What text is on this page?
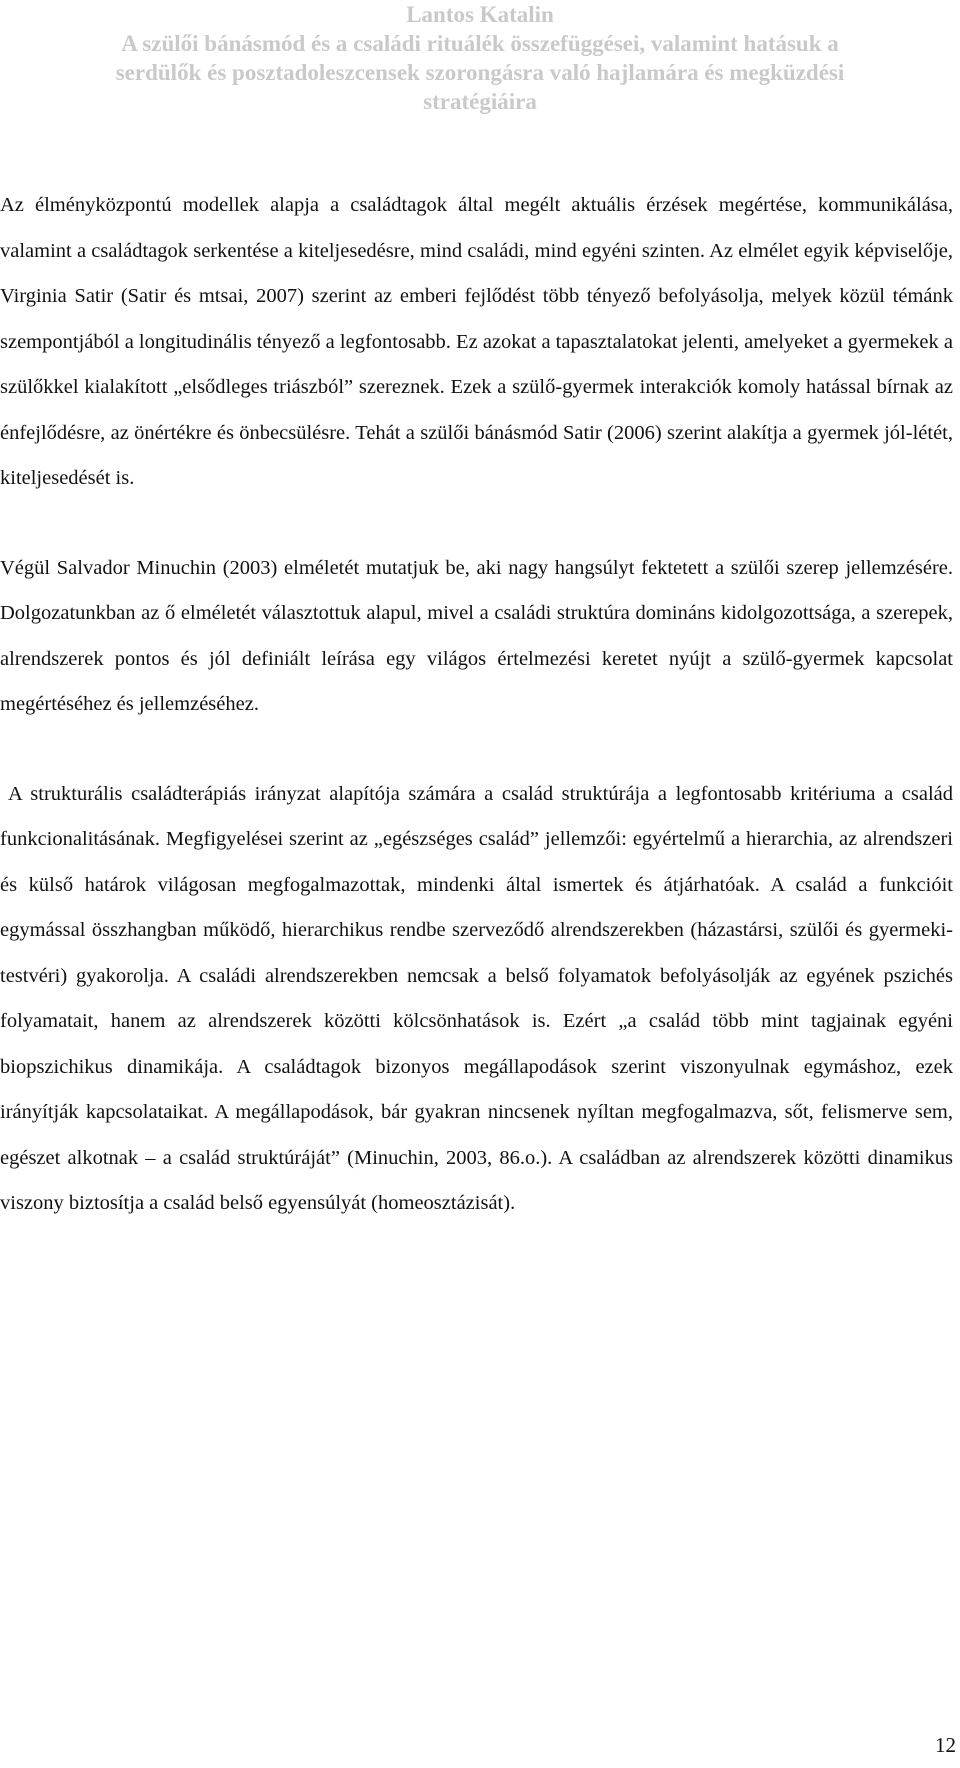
Lantos Katalin
A szülői bánásmód és a családi rituálék összefüggései, valamint hatásuk a
serdülők és posztadoleszcensek szorongásra való hajlamára és megküzdési
stratégiáira

Az élményközpontú modellek alapja a családtagok által megélt aktuális érzések megértése, kommunikálása, valamint a családtagok serkentése a kiteljesedésre, mind családi, mind egyéni szinten. Az elmélet egyik képviselője, Virginia Satir (Satir és mtsai, 2007) szerint az emberi fejlődést több tényező befolyásolja, melyek közül témánk szempontjából a longitudinális tényező a legfontosabb. Ez azokat a tapasztalatokat jelenti, amelyeket a gyermekek a szülőkkel kialakított „elsődleges triászból” szereznek. Ezek a szülő-gyermek interakciók komoly hatással bírnak az énfejlődésre, az önértékre és önbecsülésre. Tehát a szülői bánásmód Satir (2006) szerint alakítja a gyermek jól-létét, kiteljesedését is.

Végül Salvador Minuchin (2003) elméletét mutatjuk be, aki nagy hangsúlyt fektetett a szülői szerep jellemzésére. Dolgozatunkban az ő elméletét választottuk alapul, mivel a családi struktúra domináns kidolgozottsága, a szerepek, alrendszerek pontos és jól definiált leírása egy világos értelmezési keretet nyújt a szülő-gyermek kapcsolat megértéséhez és jellemzéséhez.

A strukturális családterápiás irányzat alapítója számára a család struktúrája a legfontosabb kritériuma a család funkcionalitásának. Megfigyelései szerint az „egészséges család” jellemzői: egyértelmű a hierarchia, az alrendszeri és külső határok világosan megfogalmazottak, mindenki által ismertek és átjárhatóak. A család a funkcióit egymással összhangban működő, hierarchikus rendbe szerveződő alrendszerekben (házastársi, szülői és gyermeki-testvéri) gyakorolja. A családi alrendszerekben nemcsak a belső folyamatok befolyásolják az egyének pszichés folyamatait, hanem az alrendszerek közötti kölcsönhatások is. Ezért „a család több mint tagjainak egyéni biopszichikus dinamikája. A családtagok bizonyos megállapodások szerint viszonyulnak egymáshoz, ezek irányítják kapcsolataikat. A megállapodások, bár gyakran nincsenek nyíltan megfogalmazva, sőt, felismerve sem, egészet alkotnak – a család struktúráját” (Minuchin, 2003, 86.o.). A családban az alrendszerek közötti dinamikus viszony biztosítja a család belső egyensúlyát (homeosztázisát).

12
